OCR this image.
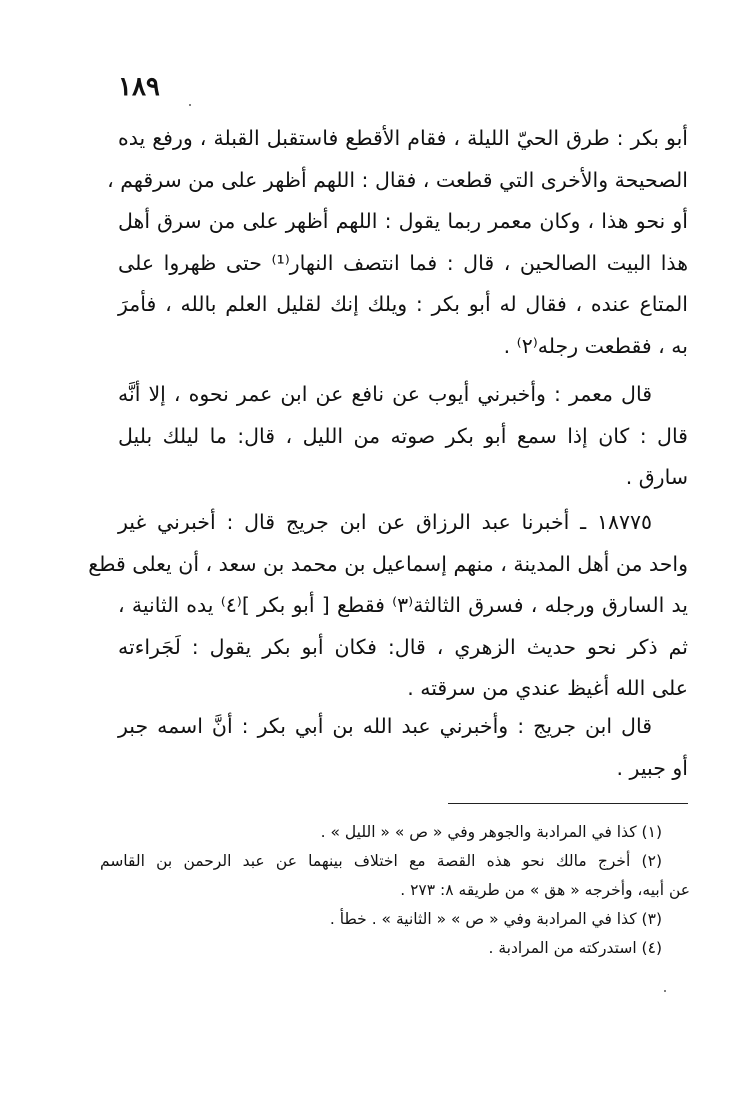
١٨٩
أبو بكر : طرق الحيّ الليلة ، فقام الأقطع فاستقبل القبلة ، ورفع يده
الصحيحة والأخرى التي قطعت ، فقال : اللهم أظهر على من سرقهم ،
أو نحو هذا ، وكان معمر ربما يقول : اللهم أظهر على من سرق أهل
هذا البيت الصالحين ، قال : فما انتصف النهار⁽¹⁾ حتى ظهروا على
المتاع عنده ، فقال له أبو بكر : ويلك إنك لقليل العلم بالله ، فأمرَ
به ، فقطعت رجله⁽٢⁾ .
قال معمر : وأخبرني أيوب عن نافع عن ابن عمر نحوه ، إلا أنَّه
قال : كان إذا سمع أبو بكر صوته من الليل ، قال: ما ليلك بليل
سارق .
١٨٧٧٥ ـ أخبرنا عبد الرزاق عن ابن جريج قال : أخبرني غير
واحد من أهل المدينة ، منهم إسماعيل بن محمد بن سعد ، أن يعلى قطع
يد السارق ورجله ، فسرق الثالثة⁽٣⁾ فقطع [ أبو بكر ]⁽٤⁾ يده الثانية ،
ثم ذكر نحو حديث الزهري ، قال: فكان أبو بكر يقول : لَجَراءته
على الله أغيظ عندي من سرقته .
قال ابن جريج : وأخبرني عبد الله بن أبي بكر : أنَّ اسمه جبر
أو جبير .
(١) كذا في المرادبة والجوهر وفي « ص » « الليل » .
(٢) أخرج مالك نحو هذه القصة مع اختلاف بينهما عن عبد الرحمن بن القاسم
عن أبيه، وأخرجه « هق » من طريقه ٨: ٢٧٣ .
(٣) كذا في المرادبة وفي « ص » « الثانية » . خطأ .
(٤) استدركته من المرادبة .
